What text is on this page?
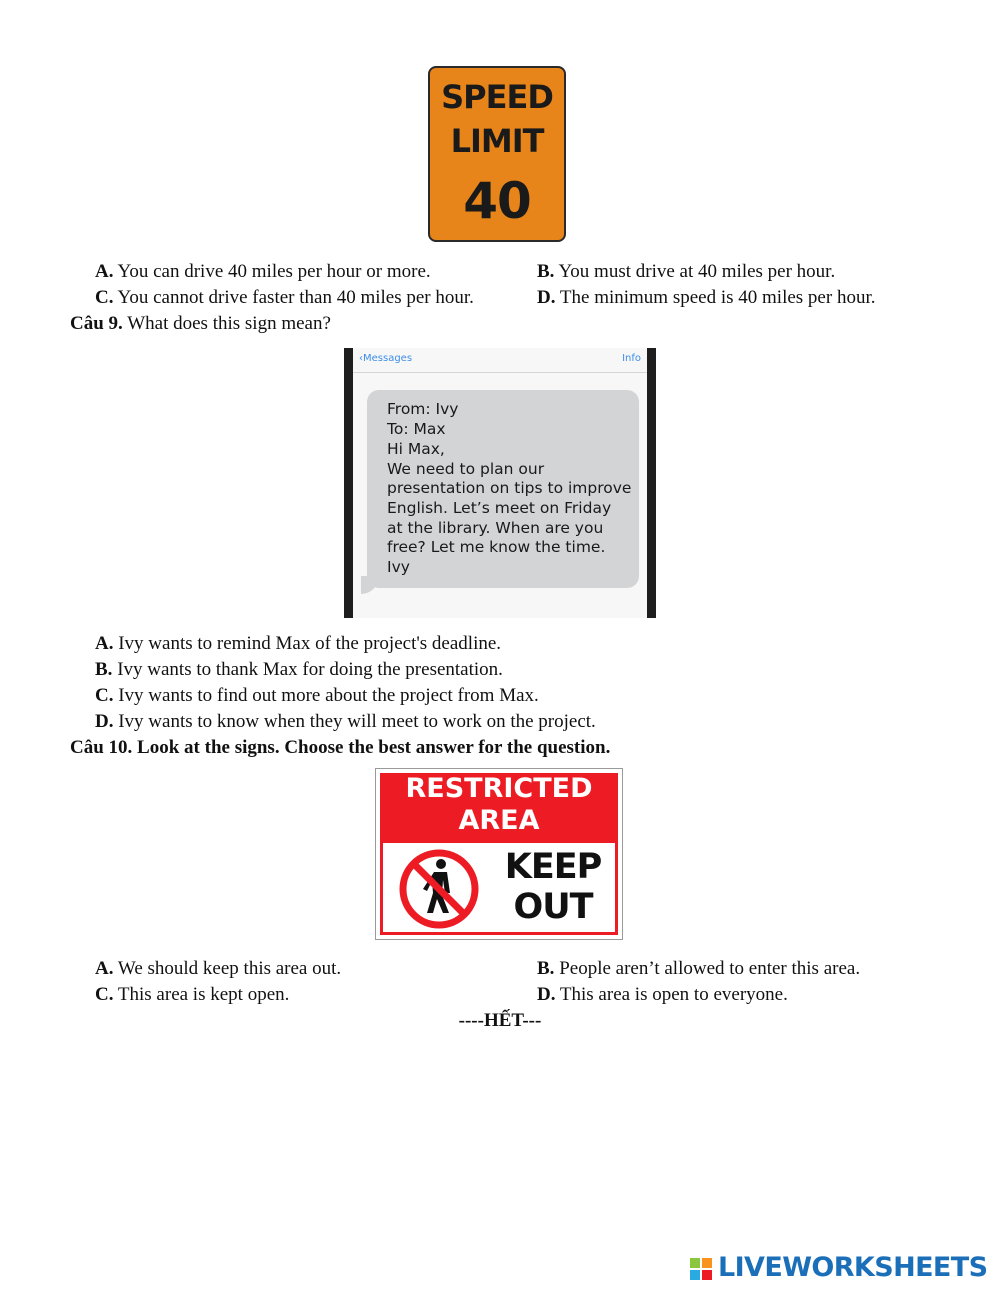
SPEED
LIMIT
40
A. You can drive 40 miles per hour or more.	B. You must drive at 40 miles per hour.
C. You cannot drive faster than 40 miles per hour.	D. The minimum speed is 40 miles per hour.
Câu 9. What does this sign mean?
‹Messages	Info
From: Ivy
To: Max
Hi Max,
We need to plan our
presentation on tips to improve
English. Let’s meet on Friday
at the library. When are you
free? Let me know the time.
Ivy
A. Ivy wants to remind Max of the project's deadline.
B. Ivy wants to thank Max for doing the presentation.
C. Ivy wants to find out more about the project from Max.
D. Ivy wants to know when they will meet to work on the project.
Câu 10. Look at the signs. Choose the best answer for the question.
RESTRICTED
AREA
KEEP
OUT
A. We should keep this area out.	B. People aren’t allowed to enter this area.
C. This area is kept open.	D. This area is open to everyone.
----HẾT---
LIVEWORKSHEETS
